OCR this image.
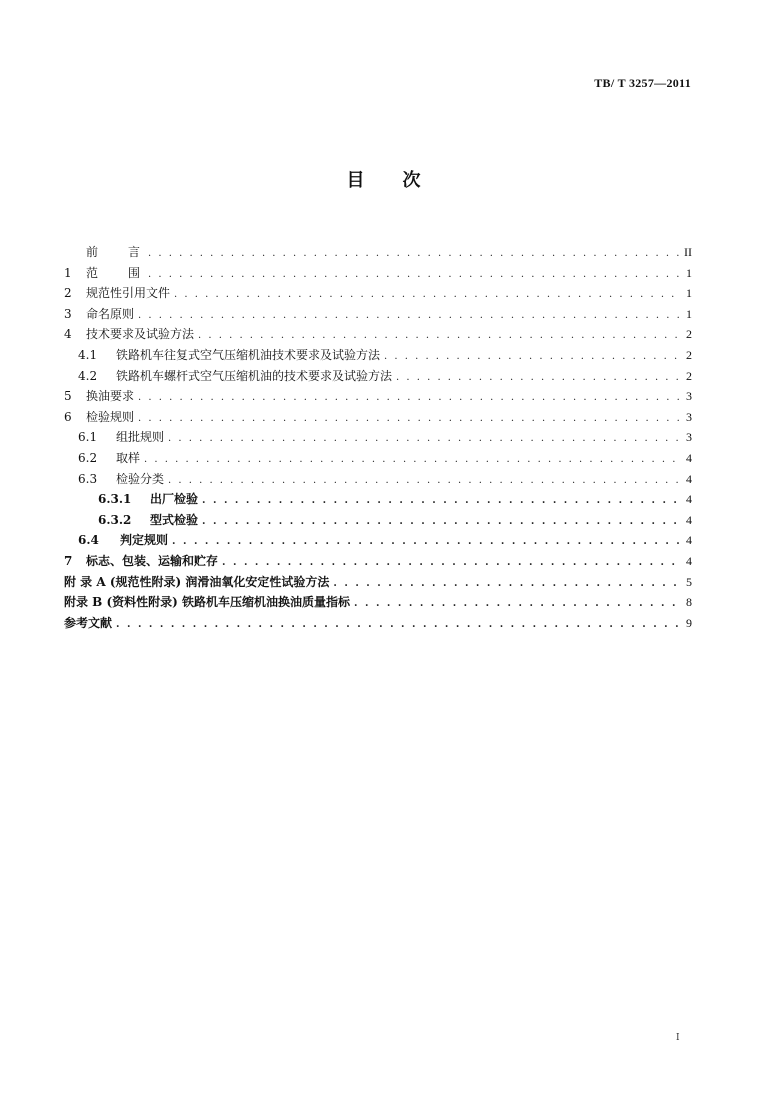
TB/ T 3257—2011
目次
前言 . . .	II
1	范围 . . .	1
2	规范性引用文件 . . .	1
3	命名原则 . . .	1
4	技术要求及试验方法 . . .	2
4.1	铁路机车往复式空气压缩机油技术要求及试验方法 . . .	2
4.2	铁路机车螺杆式空气压缩机油的技术要求及试验方法 . . .	2
5	换油要求 . . .	3
6	检验规则 . . .	3
6.1	组批规则 . . .	3
6.2	取样 . . .	4
6.3	检验分类 . . .	4
6.3.1	出厂检验 . . .	4
6.3.2	型式检验 . . .	4
6.4	判定规则 . . .	4
7	标志、包装、运输和贮存 . . .	4
附 录 A (规范性附录) 润滑油氧化安定性试验方法 . . .	5
附录 B (资料性附录) 铁路机车压缩机油换油质量指标 . . .	8
参考文献 . . .	9
I
